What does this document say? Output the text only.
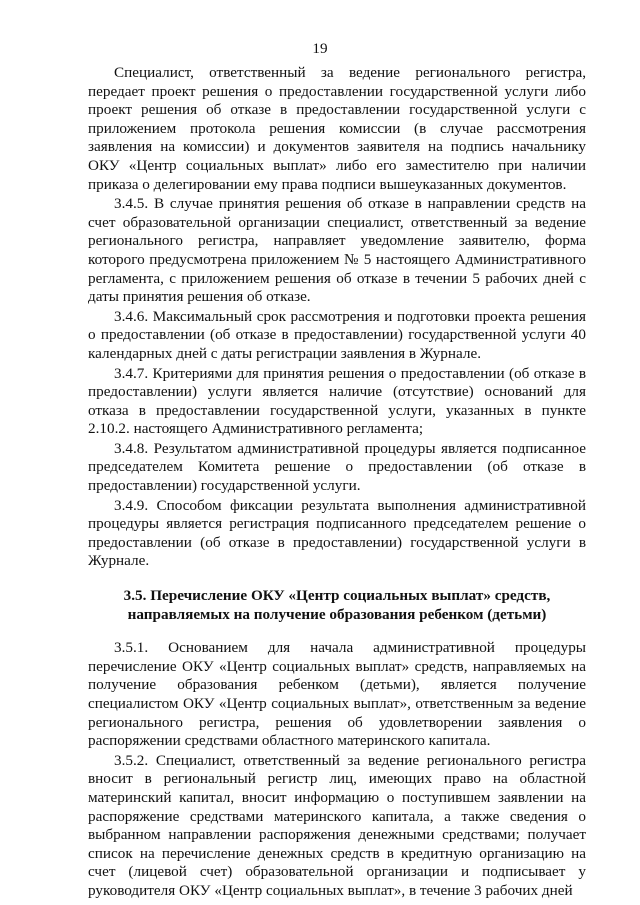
19

Специалист, ответственный за ведение регионального регистра, передает проект решения о предоставлении государственной услуги либо проект решения об отказе в предоставлении государственной услуги с приложением протокола решения комиссии (в случае рассмотрения заявления на комиссии) и документов заявителя на подпись начальнику ОКУ «Центр социальных выплат» либо его заместителю при наличии приказа о делегировании ему права подписи вышеуказанных документов.

3.4.5. В случае принятия решения об отказе в направлении средств на счет образовательной организации специалист, ответственный за ведение регионального регистра, направляет уведомление заявителю, форма которого предусмотрена приложением № 5 настоящего Административного регламента, с приложением решения об отказе в течении 5 рабочих дней с даты принятия решения об отказе.

3.4.6. Максимальный срок рассмотрения и подготовки проекта решения о предоставлении (об отказе в предоставлении) государственной услуги 40 календарных дней с даты регистрации заявления в Журнале.

3.4.7. Критериями для принятия решения о предоставлении (об отказе в предоставлении) услуги является наличие (отсутствие) оснований для отказа в предоставлении государственной услуги, указанных в пункте 2.10.2. настоящего Административного регламента;

3.4.8. Результатом административной процедуры является подписанное председателем Комитета решение о предоставлении (об отказе в предоставлении) государственной услуги.

3.4.9. Способом фиксации результата выполнения административной процедуры является регистрация подписанного председателем решение о предоставлении (об отказе в предоставлении) государственной услуги в Журнале.

3.5. Перечисление ОКУ «Центр социальных выплат» средств,
направляемых на получение образования ребенком (детьми)

3.5.1. Основанием для начала административной процедуры перечисление ОКУ «Центр социальных выплат» средств, направляемых на получение образования ребенком (детьми), является получение специалистом ОКУ «Центр социальных выплат», ответственным за ведение регионального регистра, решения об удовлетворении заявления о распоряжении средствами областного материнского капитала.

3.5.2. Специалист, ответственный за ведение регионального регистра вносит в региональный регистр лиц, имеющих право на областной материнский капитал, вносит информацию о поступившем заявлении на распоряжение средствами материнского капитала, а также сведения о выбранном направлении распоряжения денежными средствами; получает список на перечисление денежных средств в кредитную организацию на счет (лицевой счет) образовательной организации и подписывает у руководителя ОКУ «Центр социальных выплат», в течение 3 рабочих дней
